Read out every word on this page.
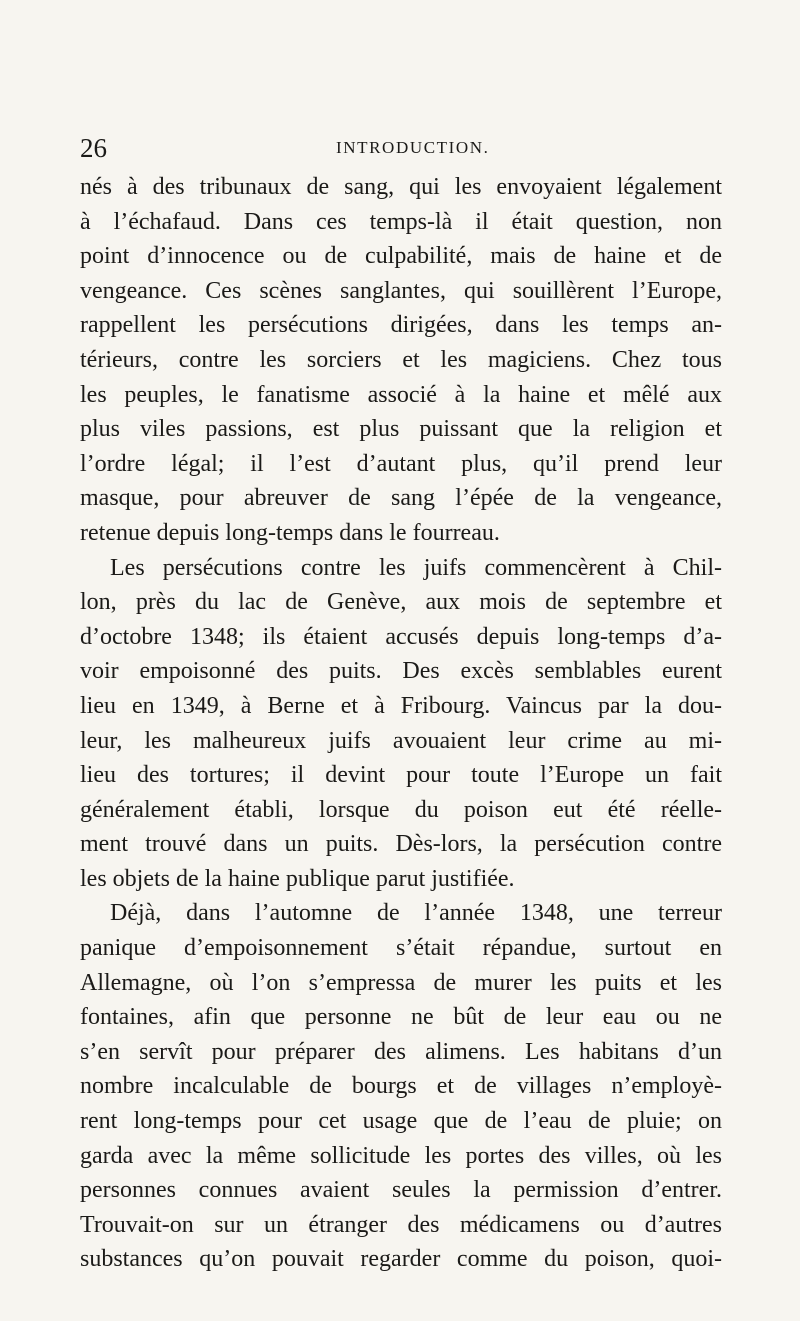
26	INTRODUCTION.
nés à des tribunaux de sang, qui les envoyaient légalement
à l’échafaud. Dans ces temps-là il était question, non
point d’innocence ou de culpabilité, mais de haine et de
vengeance. Ces scènes sanglantes, qui souillèrent l’Europe,
rappellent les persécutions dirigées, dans les temps an-
térieurs, contre les sorciers et les magiciens. Chez tous
les peuples, le fanatisme associé à la haine et mêlé aux
plus viles passions, est plus puissant que la religion et
l’ordre légal; il l’est d’autant plus, qu’il prend leur
masque, pour abreuver de sang l’épée de la vengeance,
retenue depuis long-temps dans le fourreau.
Les persécutions contre les juifs commencèrent à Chil-
lon, près du lac de Genève, aux mois de septembre et
d’octobre 1348; ils étaient accusés depuis long-temps d’a-
voir empoisonné des puits. Des excès semblables eurent
lieu en 1349, à Berne et à Fribourg. Vaincus par la dou-
leur, les malheureux juifs avouaient leur crime au mi-
lieu des tortures; il devint pour toute l’Europe un fait
généralement établi, lorsque du poison eut été réelle-
ment trouvé dans un puits. Dès-lors, la persécution contre
les objets de la haine publique parut justifiée.
Déjà, dans l’automne de l’année 1348, une terreur
panique d’empoisonnement s’était répandue, surtout en
Allemagne, où l’on s’empressa de murer les puits et les
fontaines, afin que personne ne bût de leur eau ou ne
s’en servît pour préparer des alimens. Les habitans d’un
nombre incalculable de bourgs et de villages n’employè-
rent long-temps pour cet usage que de l’eau de pluie; on
garda avec la même sollicitude les portes des villes, où les
personnes connues avaient seules la permission d’entrer.
Trouvait-on sur un étranger des médicamens ou d’autres
substances qu’on pouvait regarder comme du poison, quoi-
